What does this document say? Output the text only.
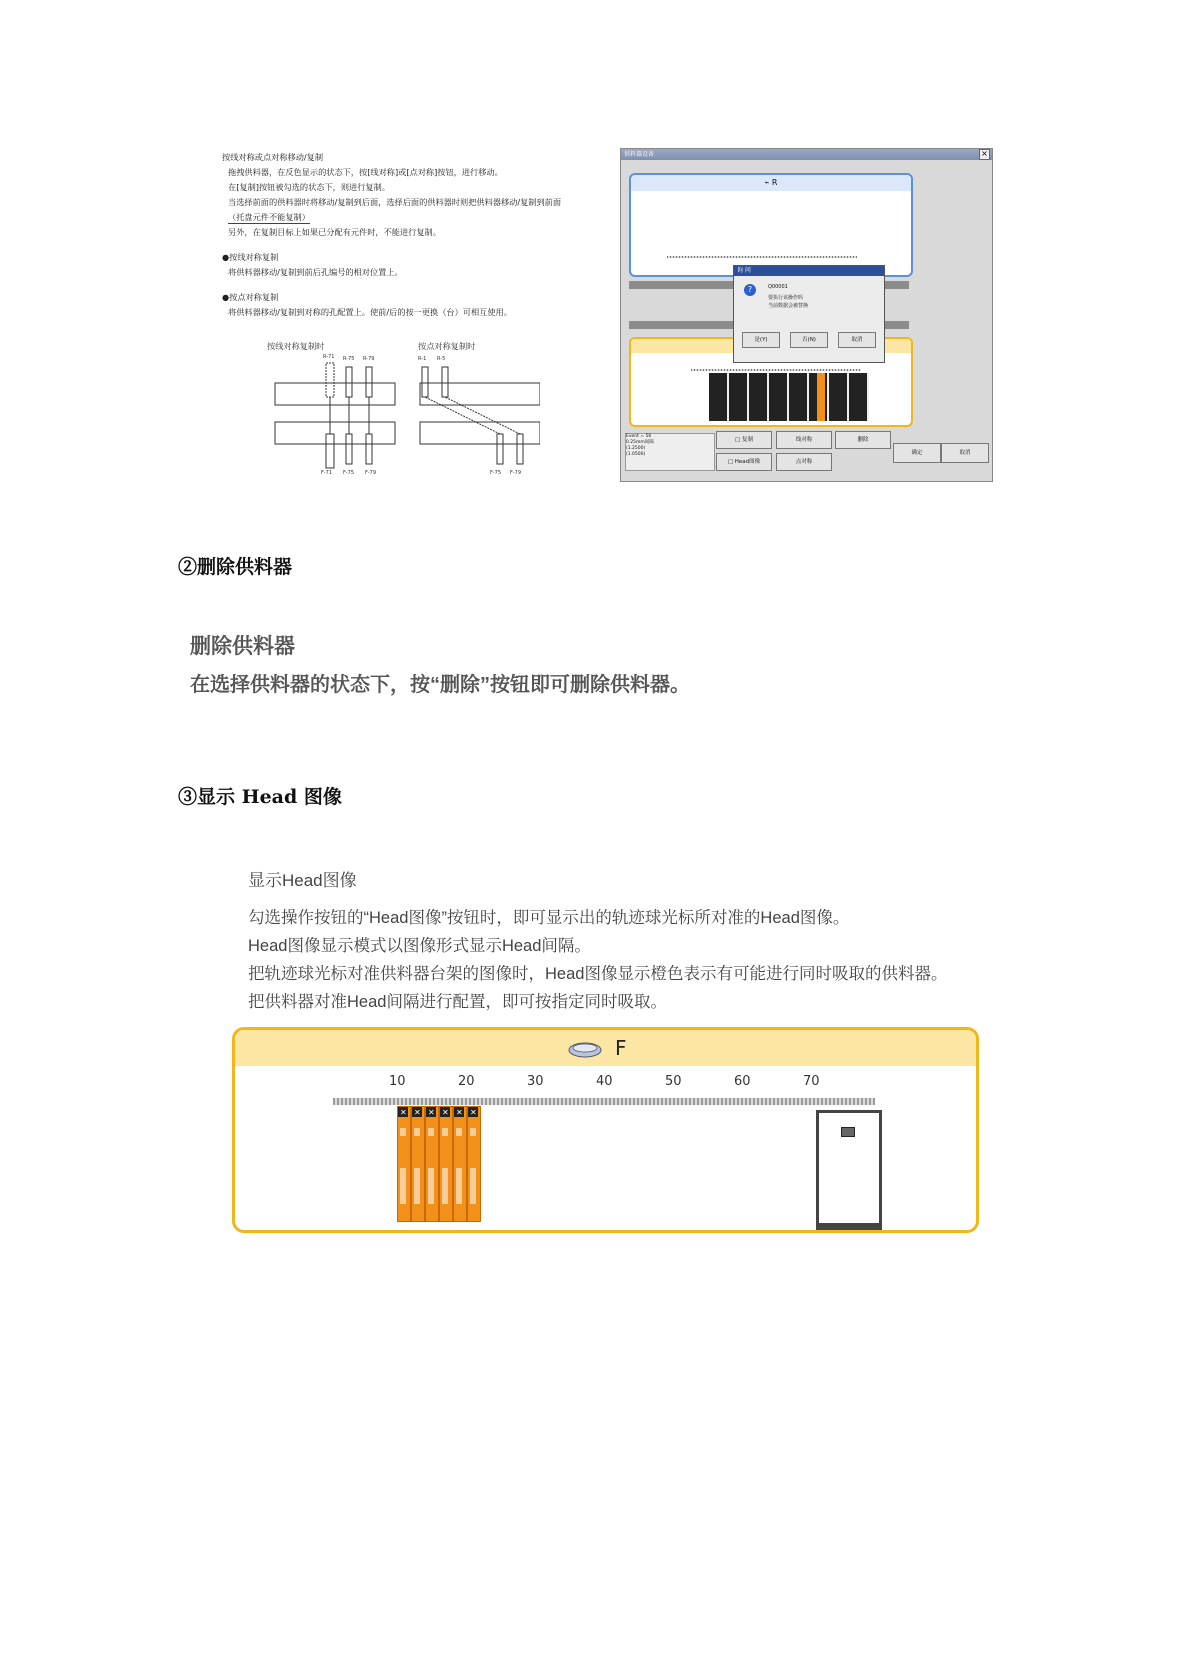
按线对称或点对称移动/复制
拖拽供料器，在反色显示的状态下，按[线对称]或[点对称]按钮，进行移动。
在[复制]按钮被勾选的状态下，则进行复制。
当选择前面的供料器时将移动/复制到后面，选择后面的供料器时则把供料器移动/复制到前面
（托盘元件不能复制）
另外，在复制目标上如果已分配有元件时，不能进行复制。
●按线对称复制
将供料器移动/复制到前后孔编号的相对位置上。
●按点对称复制
将供料器移动/复制到对称的孔配置上。使前/后的按一更换（台）可相互使用。
按线对称复制时	按点对称复制时
R-71 R-75 R-79
F-71 F-75 F-79
R-1 R-5
F-75 F-79
供料器设备	×
⌁ R
询 问
?	Q00001
要执行该操作吗
当前数据会被替换
是(Y)	否(N)	取消
Event = 56
0.25mm间隔
(1.2500)
(1.0500)
□ 复制
□ Head图像
线对称
点对称
删除
确定	取消
②删除供料器
删除供料器
在选择供料器的状态下，按“删除”按钮即可删除供料器。
③显示 Head 图像
显示Head图像
勾选操作按钮的“Head图像”按钮时，即可显示出的轨迹球光标所对准的Head图像。
Head图像显示模式以图像形式显示Head间隔。
把轨迹球光标对准供料器台架的图像时，Head图像显示橙色表示有可能进行同时吸取的供料器。
把供料器对准Head间隔进行配置，即可按指定同时吸取。
F
10	20	30	40	50	60	70
✕ ✕ ✕ ✕ ✕ ✕
